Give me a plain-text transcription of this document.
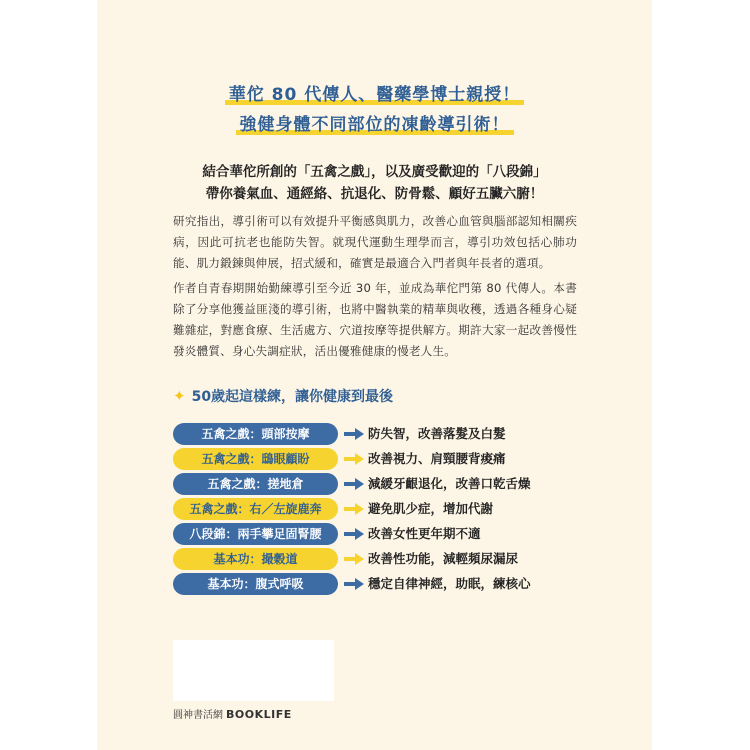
華佗 80 代傳人、醫藥學博士親授！
強健身體不同部位的凍齡導引術！
結合華佗所創的「五禽之戲」，以及廣受歡迎的「八段錦」
帶你養氣血、通經絡、抗退化、防骨鬆、顧好五臟六腑！
研究指出，導引術可以有效提升平衡感與肌力，改善心血管與腦部認知相關疾病，因此可抗老也能防失智。就現代運動生理學而言，導引功效包括心肺功能、肌力鍛鍊與伸展，招式緩和，確實是最適合入門者與年長者的選項。
作者自青春期開始勤練導引至今近 30 年，並成為華佗門第 80 代傳人。本書除了分享他獲益匪淺的導引術，也將中醫執業的精華與收穫，透過各種身心疑難雜症，對應食療、生活處方、穴道按摩等提供解方。期許大家一起改善慢性發炎體質、身心失調症狀，活出優雅健康的慢老人生。
✦ 50歲起這樣練，讓你健康到最後
五禽之戲：頭部按摩	防失智，改善落髮及白髮
五禽之戲：鴟眼顧盼	改善視力、肩頸腰背痠痛
五禽之戲：搓地倉	減緩牙齦退化，改善口乾舌燥
五禽之戲：右／左旋鹿奔	避免肌少症，增加代謝
八段錦：兩手攀足固腎腰	改善女性更年期不適
基本功：撮穀道	改善性功能，減輕頻尿漏尿
基本功：腹式呼吸	穩定自律神經，助眠，練核心
圓神書活網 BOOKLIFE
